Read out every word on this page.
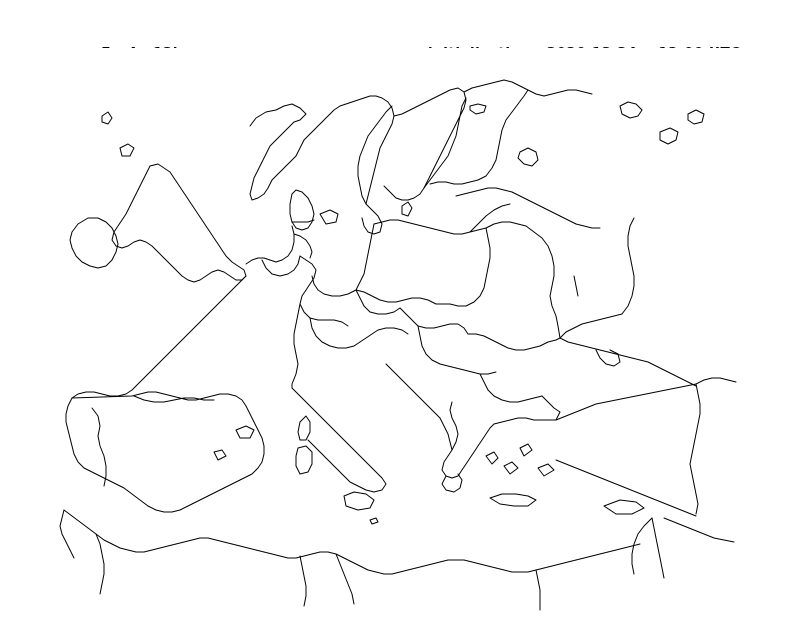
nmmE_v4-a12km

6h Acc.Snow  [cm/6h]

initialisation:  2020.12.24.   12:00 UTC

valid(+02h):  2020.DEC.24  14:00 UTC
